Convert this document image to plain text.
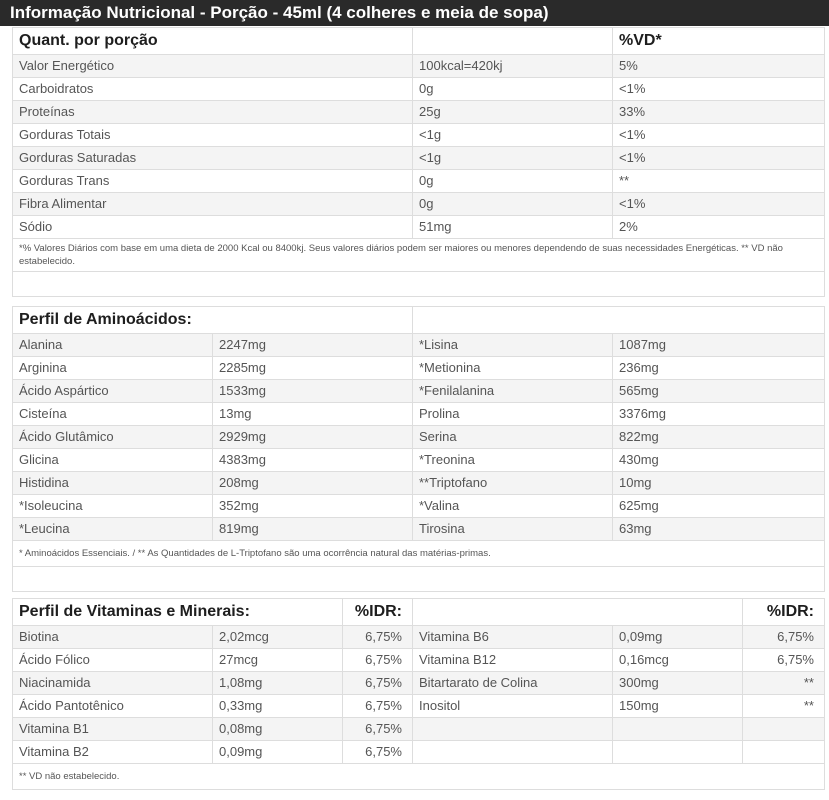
Informação Nutricional - Porção - 45ml (4 colheres e meia de sopa)
Quant. por porção		%VD*
Valor Energético	100kcal=420kj	5%
Carboidratos	0g	<1%
Proteínas	25g	33%
Gorduras Totais	<1g	<1%
Gorduras Saturadas	<1g	<1%
Gorduras Trans	0g	**
Fibra Alimentar	0g	<1%
Sódio	51mg	2%
*% Valores Diários com base em uma dieta de 2000 Kcal ou 8400kj. Seus valores diários podem ser maiores ou menores dependendo de suas necessidades Energéticas. ** VD não estabelecido.		

Perfil de Aminoácidos:			
Alanina	2247mg	*Lisina	1087mg
Arginina	2285mg	*Metionina	236mg
Ácido Aspártico	1533mg	*Fenilalanina	565mg
Cisteína	13mg	Prolina	3376mg
Ácido Glutâmico	2929mg	Serina	822mg
Glicina	4383mg	*Treonina	430mg
Histidina	208mg	**Triptofano	10mg
*Isoleucina	352mg	*Valina	625mg
*Leucina	819mg	Tirosina	63mg
* Aminoácidos Essenciais. / ** As Quantidades de L-Triptofano são uma ocorrência natural das matérias-primas.			

Perfil de Vitaminas e Minerais:		%IDR:			%IDR:
Biotina	2,02mcg	6,75%	Vitamina B6	0,09mg	6,75%
Ácido Fólico	27mcg	6,75%	Vitamina B12	0,16mcg	6,75%
Niacinamida	1,08mg	6,75%	Bitartarato de Colina	300mg	**
Ácido Pantotênico	0,33mg	6,75%	Inositol	150mg	**
Vitamina B1	0,08mg	6,75%			
Vitamina B2	0,09mg	6,75%			
** VD não estabelecido.					
